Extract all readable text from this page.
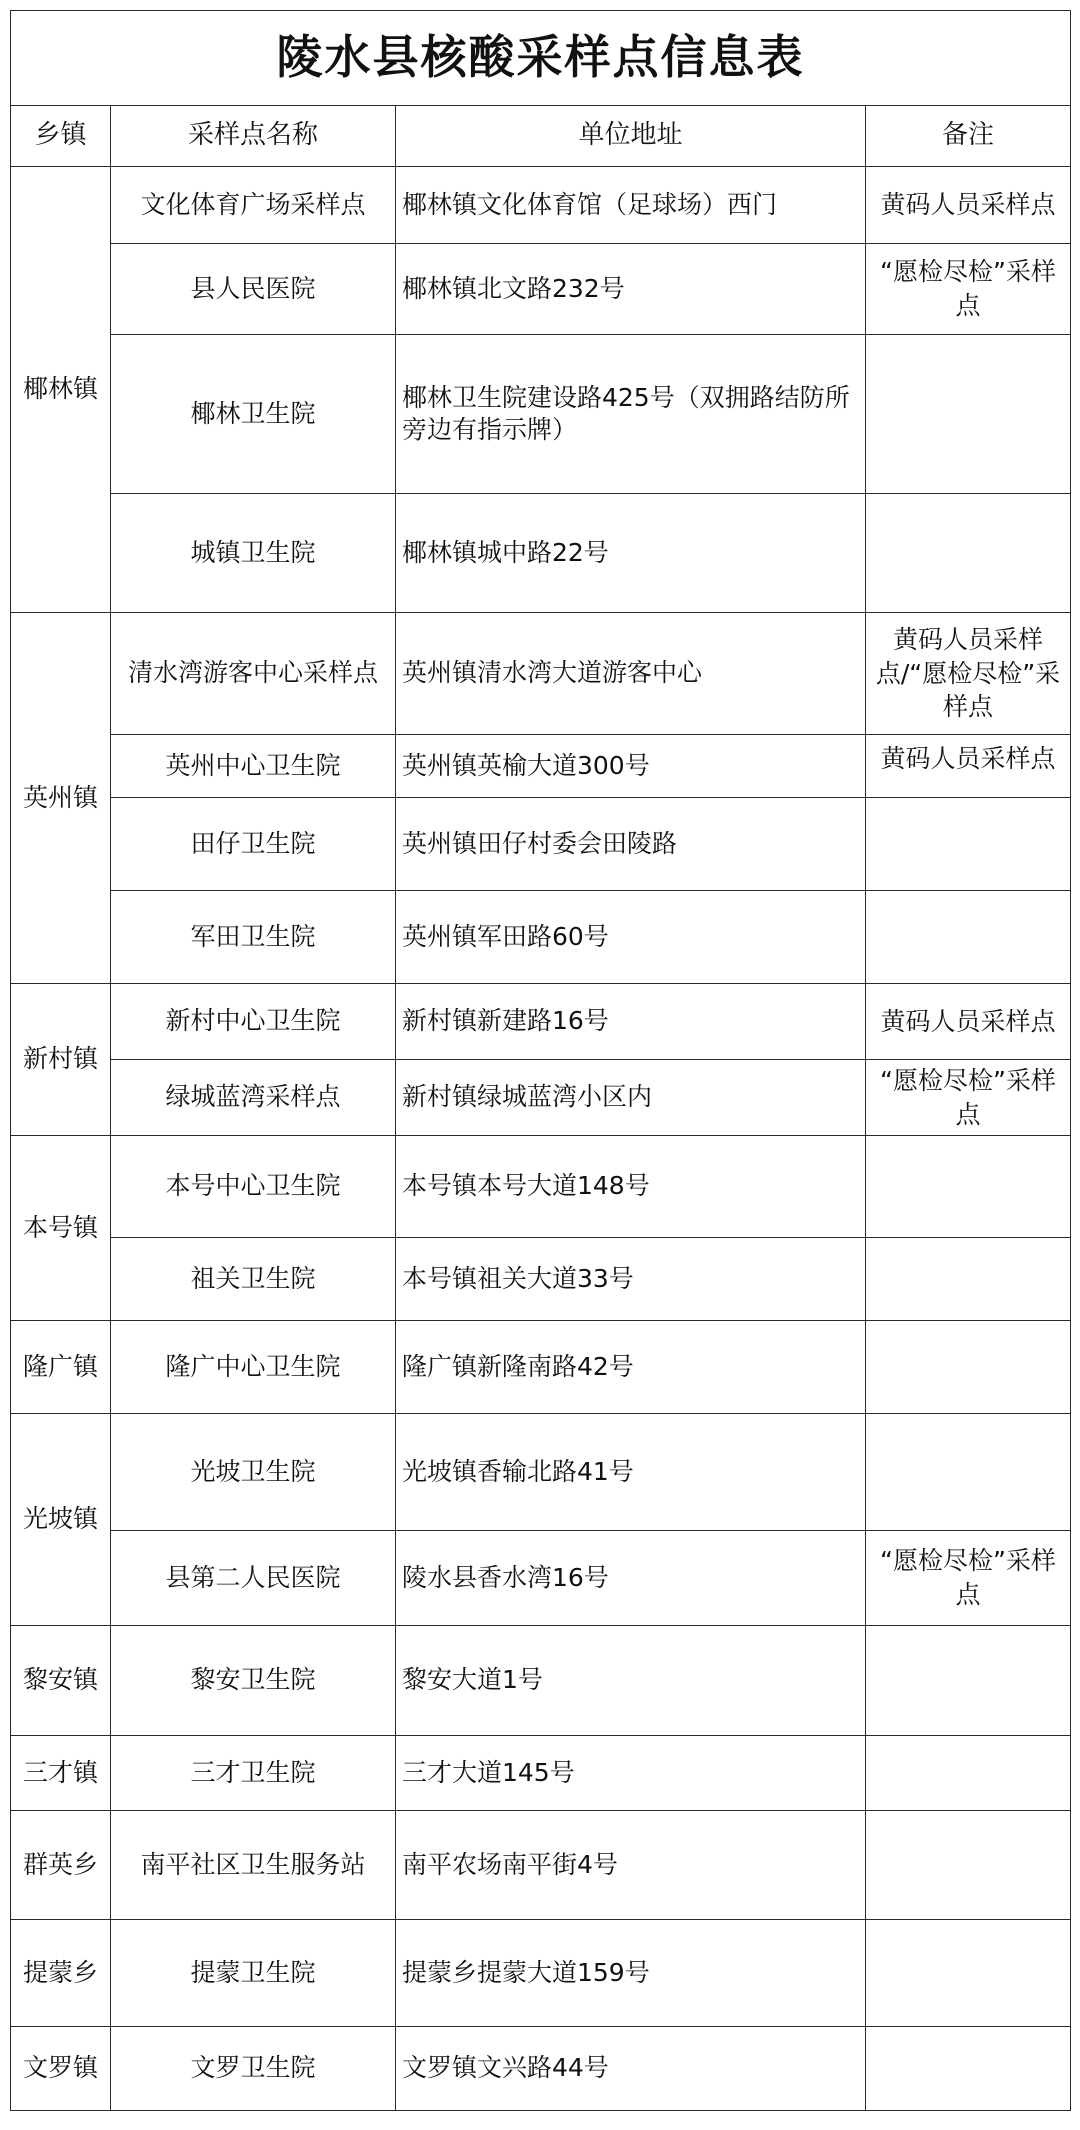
陵水县核酸采样点信息表			
乡镇	采样点名称	单位地址	备注
椰林镇	文化体育广场采样点	椰林镇文化体育馆（足球场）西门	黄码人员采样点
	县人民医院	椰林镇北文路232号	“愿检尽检”采样点
	椰林卫生院	椰林卫生院建设路425号（双拥路结防所旁边有指示牌）	
	城镇卫生院	椰林镇城中路22号	
英州镇	清水湾游客中心采样点	英州镇清水湾大道游客中心	黄码人员采样点/“愿检尽检”采样点
	英州中心卫生院	英州镇英榆大道300号	黄码人员采样点

	田仔卫生院	英州镇田仔村委会田陵路	
	军田卫生院	英州镇军田路60号	
新村镇	新村中心卫生院	新村镇新建路16号	黄码人员采样点
	绿城蓝湾采样点	新村镇绿城蓝湾小区内	“愿检尽检”采样点
本号镇	本号中心卫生院	本号镇本号大道148号	
	祖关卫生院	本号镇祖关大道33号	
隆广镇	隆广中心卫生院	隆广镇新隆南路42号	
光坡镇	光坡卫生院	光坡镇香输北路41号	
	县第二人民医院	陵水县香水湾16号	“愿检尽检”采样点
黎安镇	黎安卫生院	黎安大道1号	
三才镇	三才卫生院	三才大道145号	
群英乡	南平社区卫生服务站	南平农场南平街4号	
提蒙乡	提蒙卫生院	提蒙乡提蒙大道159号	
文罗镇	文罗卫生院	文罗镇文兴路44号	
